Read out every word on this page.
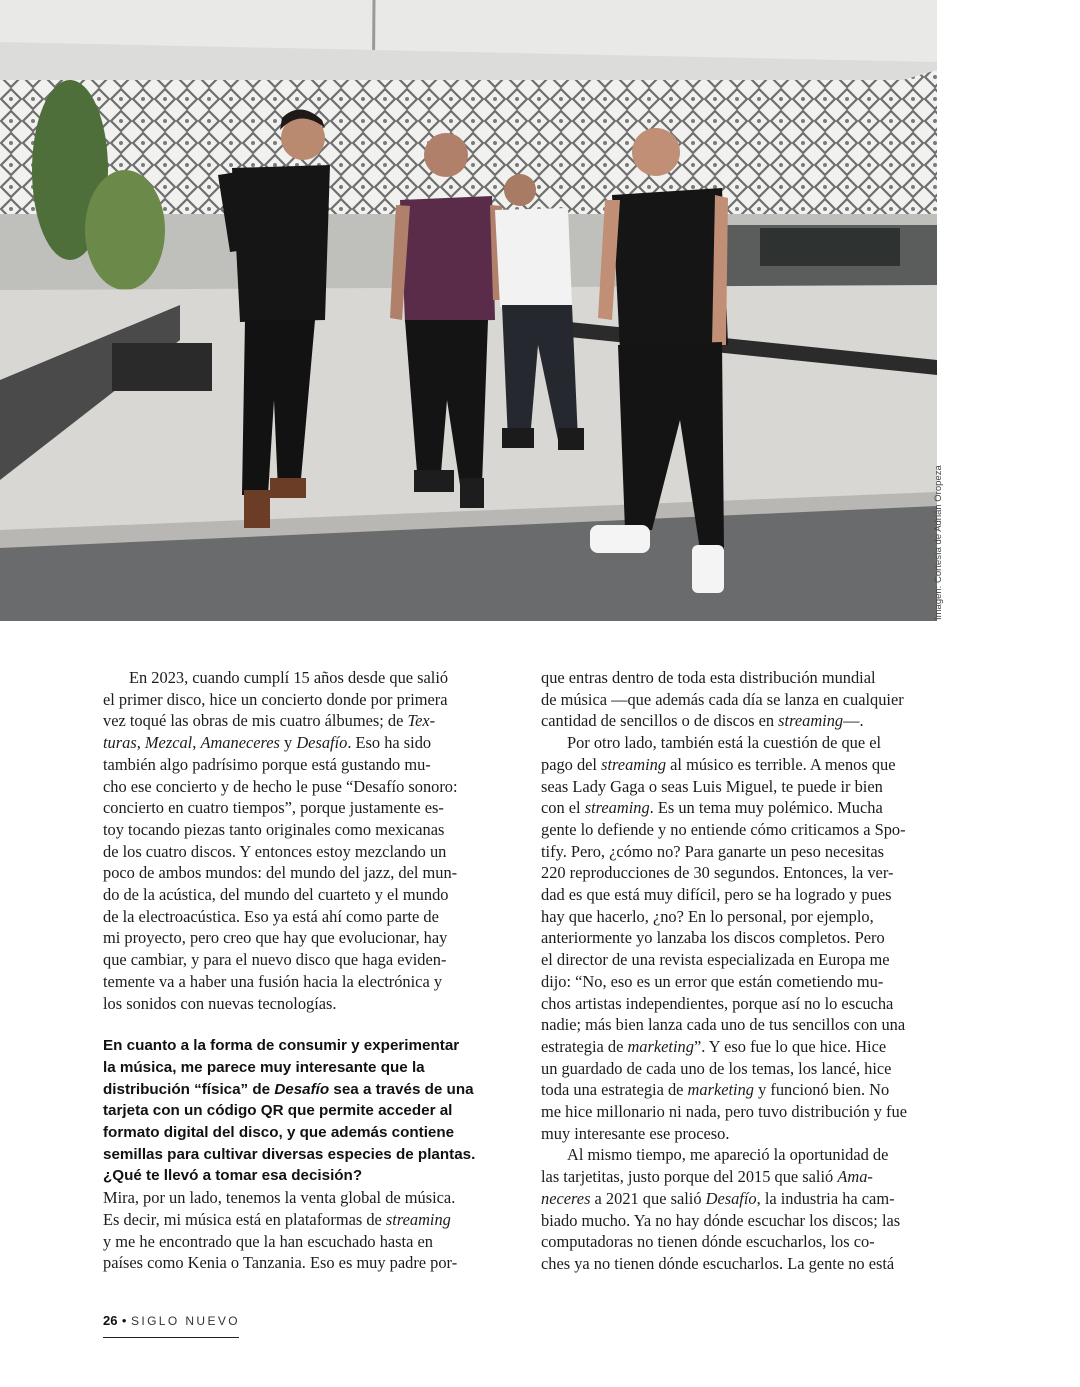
Imagen: Cortesía de Adrián Oropeza
En 2023, cuando cumplí 15 años desde que salió
el primer disco, hice un concierto donde por primera
vez toqué las obras de mis cuatro álbumes; de Tex-
turas, Mezcal, Amaneceres y Desafío. Eso ha sido
también algo padrísimo porque está gustando mu-
cho ese concierto y de hecho le puse “Desafío sonoro:
concierto en cuatro tiempos”, porque justamente es-
toy tocando piezas tanto originales como mexicanas
de los cuatro discos. Y entonces estoy mezclando un
poco de ambos mundos: del mundo del jazz, del mun-
do de la acústica, del mundo del cuarteto y el mundo
de la electroacústica. Eso ya está ahí como parte de
mi proyecto, pero creo que hay que evolucionar, hay
que cambiar, y para el nuevo disco que haga eviden-
temente va a haber una fusión hacia la electrónica y
los sonidos con nuevas tecnologías.
En cuanto a la forma de consumir y experimentar
la música, me parece muy interesante que la
distribución “física” de Desafío sea a través de una
tarjeta con un código QR que permite acceder al
formato digital del disco, y que además contiene
semillas para cultivar diversas especies de plantas.
¿Qué te llevó a tomar esa decisión?
Mira, por un lado, tenemos la venta global de música.
Es decir, mi música está en plataformas de streaming
y me he encontrado que la han escuchado hasta en
países como Kenia o Tanzania. Eso es muy padre por-
que entras dentro de toda esta distribución mundial
de música —que además cada día se lanza en cualquier
cantidad de sencillos o de discos en streaming—.
Por otro lado, también está la cuestión de que el
pago del streaming al músico es terrible. A menos que
seas Lady Gaga o seas Luis Miguel, te puede ir bien
con el streaming. Es un tema muy polémico. Mucha
gente lo defiende y no entiende cómo criticamos a Spo-
tify. Pero, ¿cómo no? Para ganarte un peso necesitas
220 reproducciones de 30 segundos. Entonces, la ver-
dad es que está muy difícil, pero se ha logrado y pues
hay que hacerlo, ¿no? En lo personal, por ejemplo,
anteriormente yo lanzaba los discos completos. Pero
el director de una revista especializada en Europa me
dijo: “No, eso es un error que están cometiendo mu-
chos artistas independientes, porque así no lo escucha
nadie; más bien lanza cada uno de tus sencillos con una
estrategia de marketing”. Y eso fue lo que hice. Hice
un guardado de cada uno de los temas, los lancé, hice
toda una estrategia de marketing y funcionó bien. No
me hice millonario ni nada, pero tuvo distribución y fue
muy interesante ese proceso.
Al mismo tiempo, me apareció la oportunidad de
las tarjetitas, justo porque del 2015 que salió Ama-
neceres a 2021 que salió Desafío, la industria ha cam-
biado mucho. Ya no hay dónde escuchar los discos; las
computadoras no tienen dónde escucharlos, los co-
ches ya no tienen dónde escucharlos. La gente no está
26 • SIGLO NUEVO
